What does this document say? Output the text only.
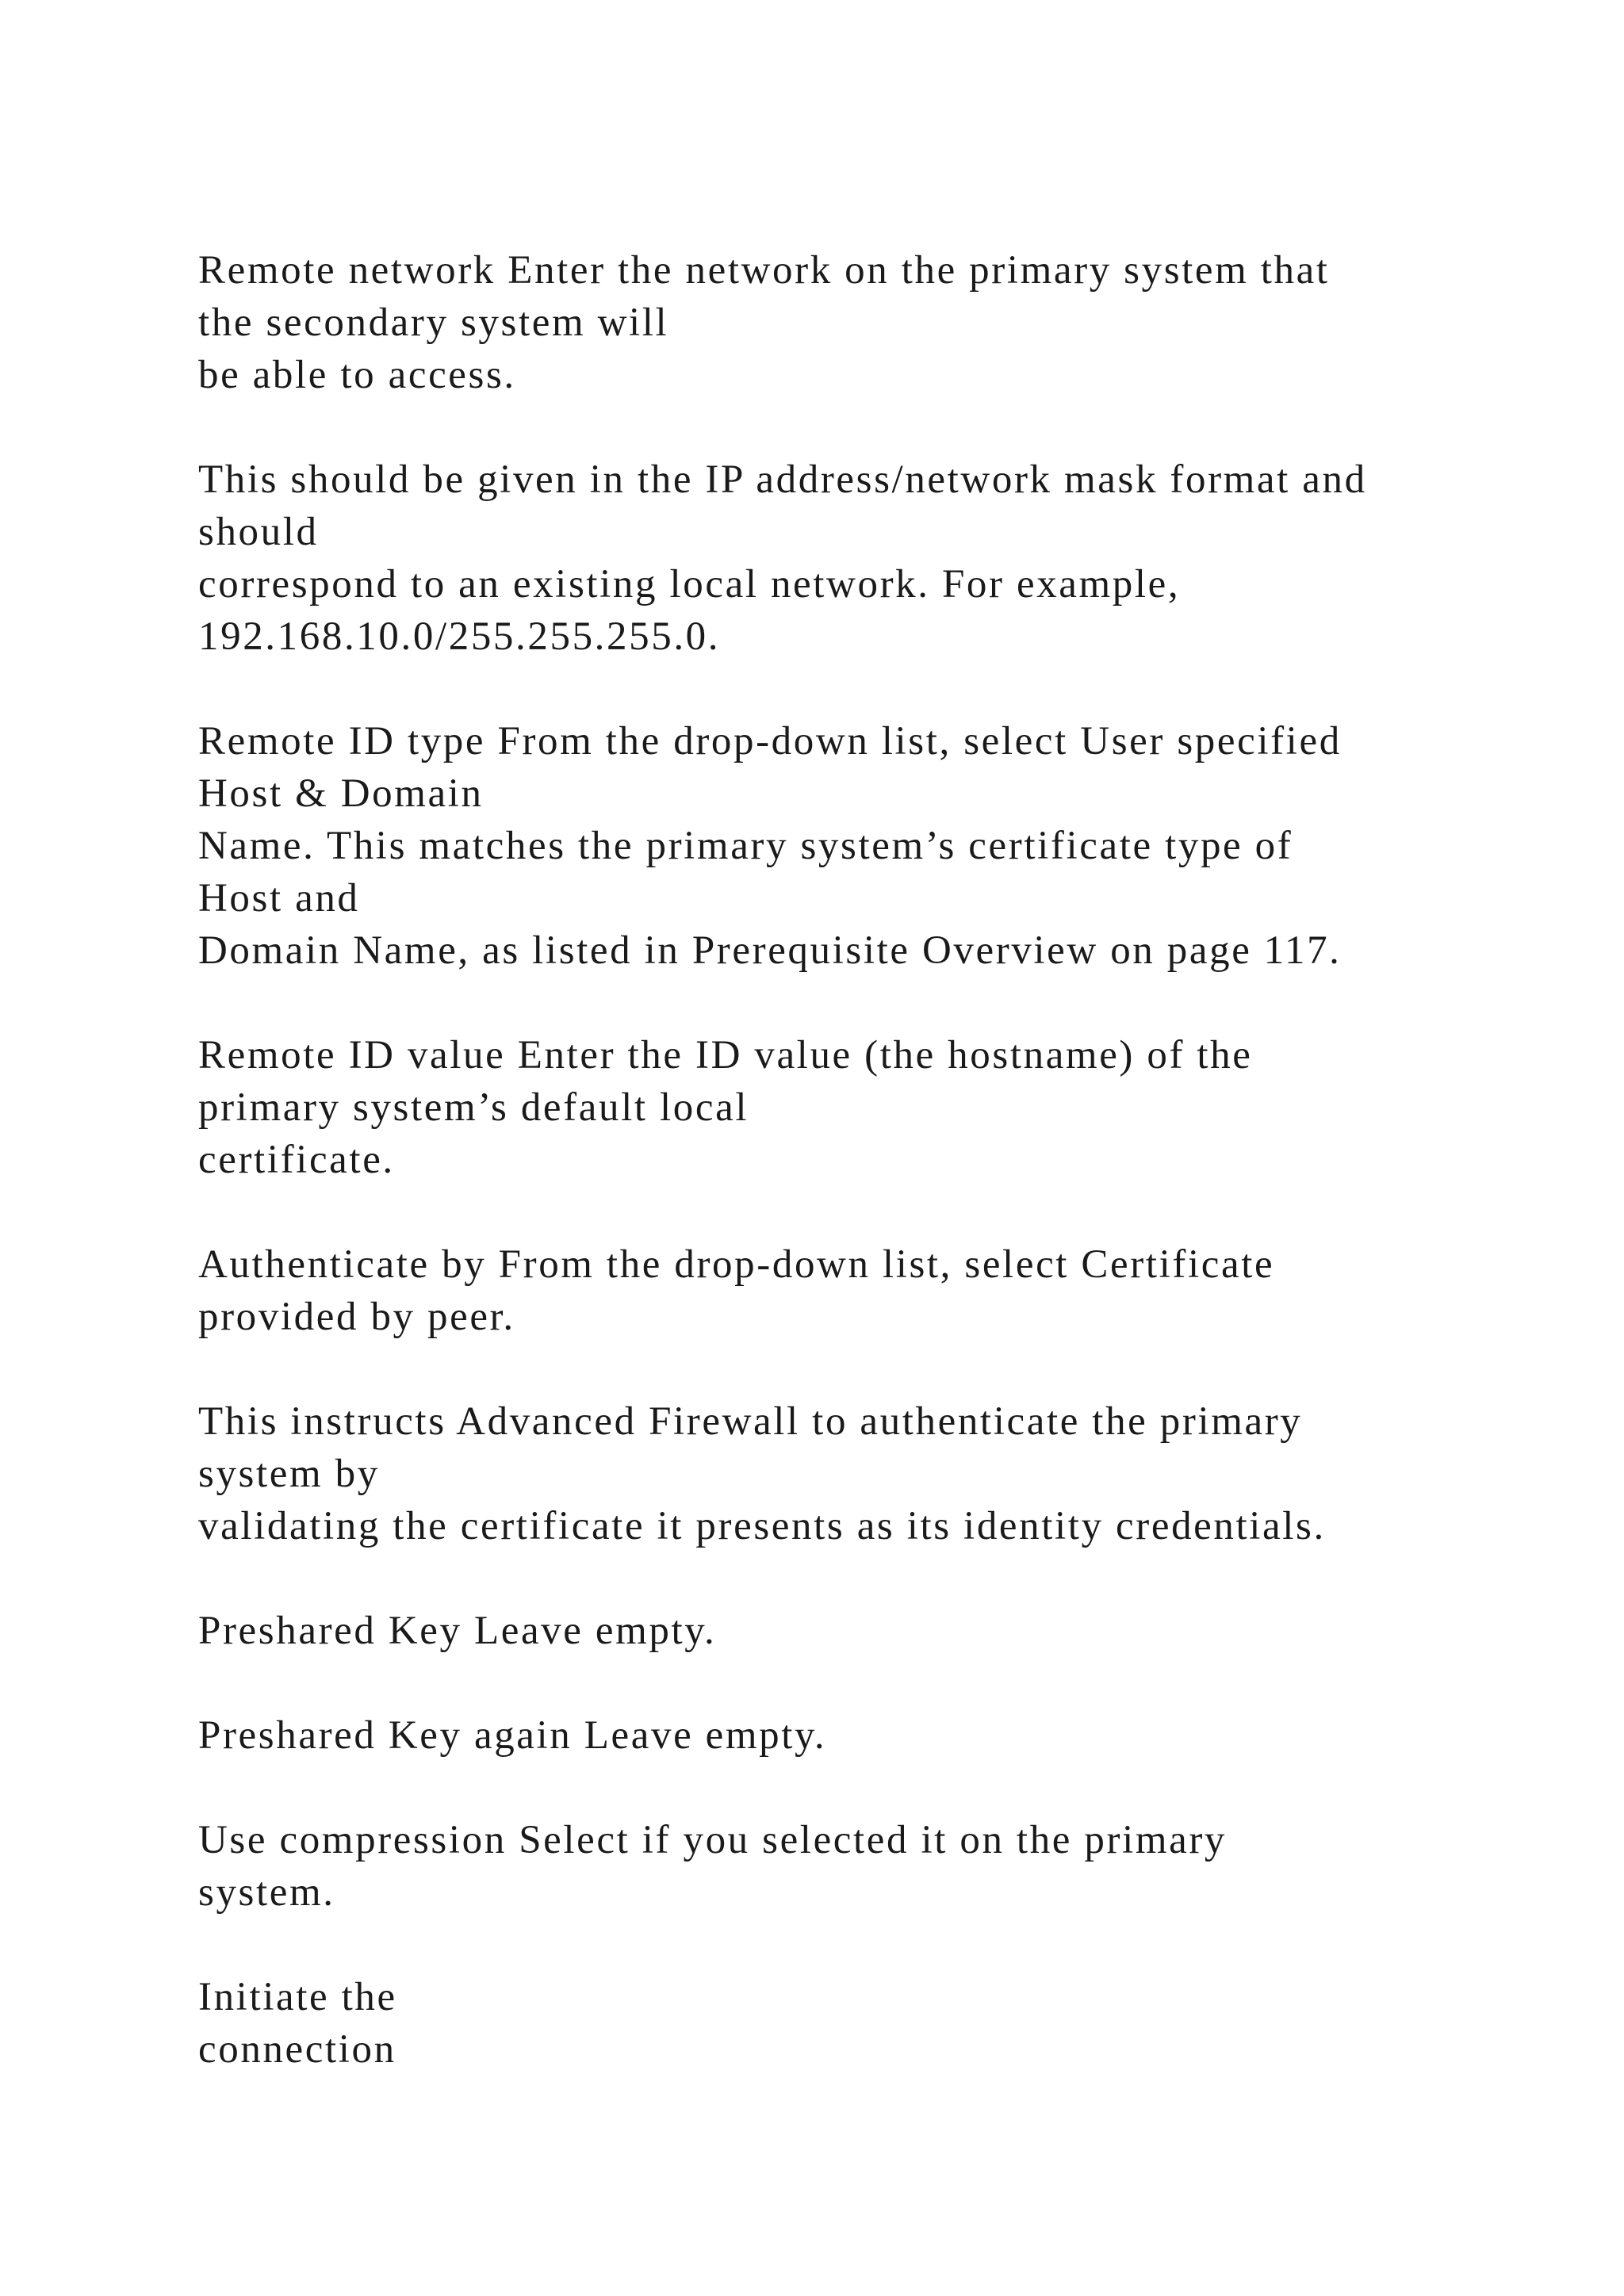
Remote network Enter the network on the primary system that
the secondary system will
be able to access.

This should be given in the IP address/network mask format and
should
correspond to an existing local network. For example,
192.168.10.0/255.255.255.0.

Remote ID type From the drop-down list, select User specified
Host & Domain
Name. This matches the primary system’s certificate type of
Host and
Domain Name, as listed in Prerequisite Overview on page 117.

Remote ID value Enter the ID value (the hostname) of the
primary system’s default local
certificate.

Authenticate by From the drop-down list, select Certificate
provided by peer.

This instructs Advanced Firewall to authenticate the primary
system by
validating the certificate it presents as its identity credentials.

Preshared Key Leave empty.

Preshared Key again Leave empty.

Use compression Select if you selected it on the primary
system.

Initiate the
connection
